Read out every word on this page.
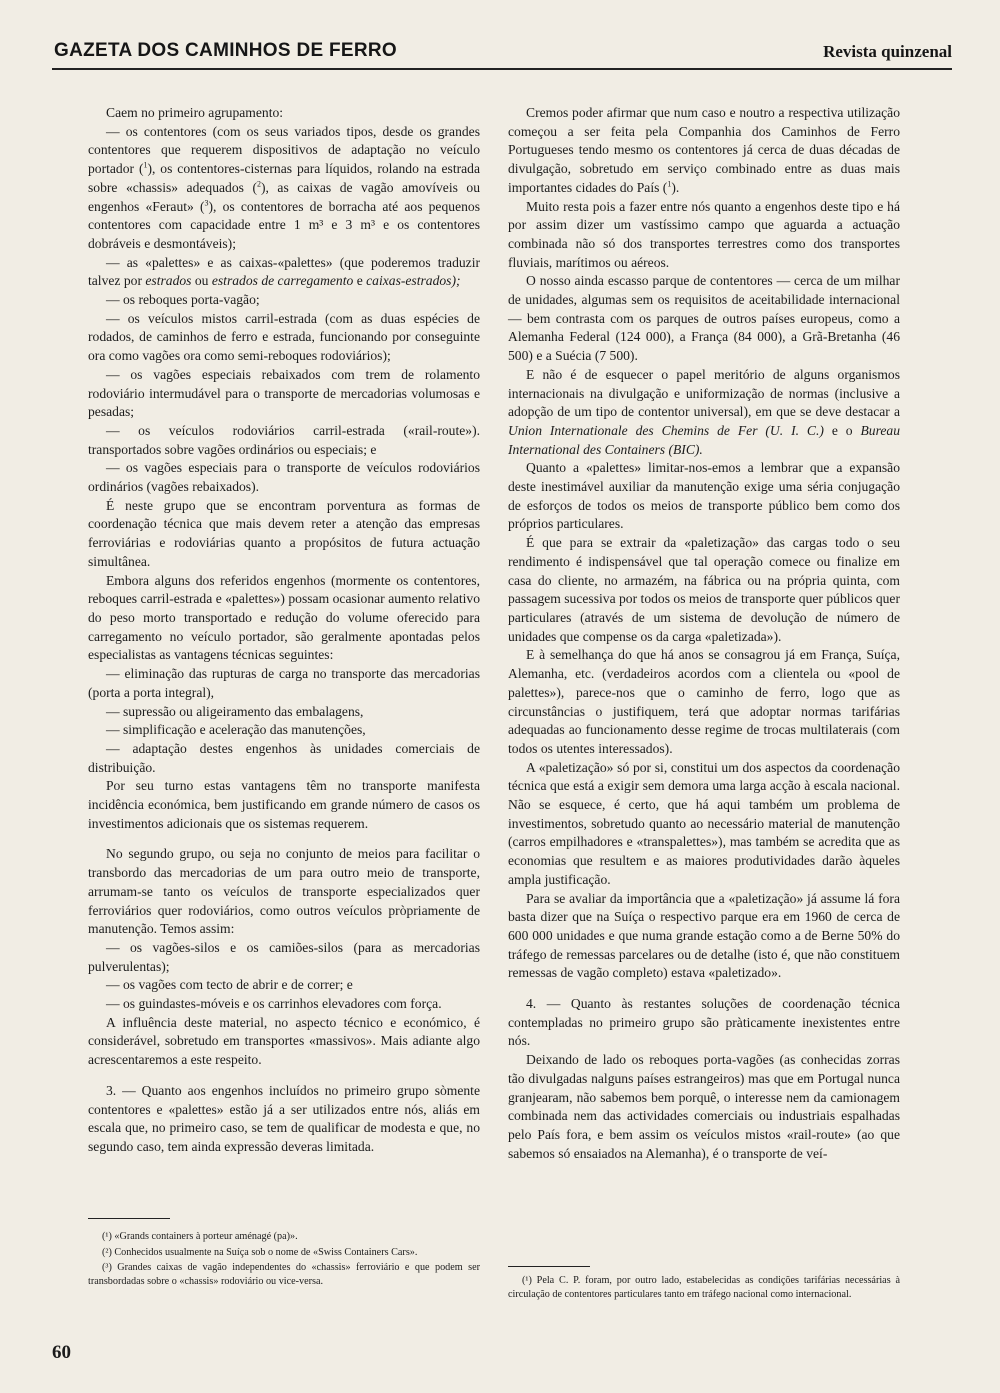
GAZETA DOS CAMINHOS DE FERRO	Revista quinzenal

Caem no primeiro agrupamento:

— os contentores (com os seus variados tipos, desde os grandes contentores que requerem dispositivos de adaptação no veículo portador ($^1$), os contentores-cisternas para líquidos, rolando na estrada sobre «chassis» adequados ($^2$), as caixas de vagão amovíveis ou engenhos «Feraut» ($^3$), os contentores de borracha até aos pequenos contentores com capacidade entre 1 m³ e 3 m³ e os contentores dobráveis e desmontáveis);

— as «palettes» e as caixas-«palettes» (que poderemos traduzir talvez por estrados ou estrados de carregamento e caixas-estrados);

— os reboques porta-vagão;

— os veículos mistos carril-estrada (com as duas espécies de rodados, de caminhos de ferro e estrada, funcionando por conseguinte ora como vagões ora como semi-reboques rodoviários);

— os vagões especiais rebaixados com trem de rolamento rodoviário intermudável para o transporte de mercadorias volumosas e pesadas;

— os veículos rodoviários carril-estrada («rail-route»). transportados sobre vagões ordinários ou especiais; e

— os vagões especiais para o transporte de veículos rodoviários ordinários (vagões rebaixados).

É neste grupo que se encontram porventura as formas de coordenação técnica que mais devem reter a atenção das empresas ferroviárias e rodoviárias quanto a propósitos de futura actuação simultânea.

Embora alguns dos referidos engenhos (mormente os contentores, reboques carril-estrada e «palettes») possam ocasionar aumento relativo do peso morto transportado e redução do volume oferecido para carregamento no veículo portador, são geralmente apontadas pelos especialistas as vantagens técnicas seguintes:

— eliminação das rupturas de carga no transporte das mercadorias (porta a porta integral),

— supressão ou aligeiramento das embalagens,

— simplificação e aceleração das manutenções,

— adaptação destes engenhos às unidades comerciais de distribuição.

Por seu turno estas vantagens têm no transporte manifesta incidência económica, bem justificando em grande número de casos os investimentos adicionais que os sistemas requerem.

No segundo grupo, ou seja no conjunto de meios para facilitar o transbordo das mercadorias de um para outro meio de transporte, arrumam-se tanto os veículos de transporte especializados quer ferroviários quer rodoviários, como outros veículos pròpriamente de manutenção. Temos assim:

— os vagões-silos e os camiões-silos (para as mercadorias pulverulentas);

— os vagões com tecto de abrir e de correr; e

— os guindastes-móveis e os carrinhos elevadores com força.

A influência deste material, no aspecto técnico e económico, é considerável, sobretudo em transportes «massivos». Mais adiante algo acrescentaremos a este respeito.

3. — Quanto aos engenhos incluídos no primeiro grupo sòmente contentores e «palettes» estão já a ser utilizados entre nós, aliás em escala que, no primeiro caso, se tem de qualificar de modesta e que, no segundo caso, tem ainda expressão deveras limitada.

(¹) «Grands containers à porteur aménagé (pa)».

(²) Conhecidos usualmente na Suíça sob o nome de «Swiss Containers Cars».

(³) Grandes caixas de vagão independentes do «chassis» ferroviário e que podem ser transbordadas sobre o «chassis» rodoviário ou vice-versa.

Cremos poder afirmar que num caso e noutro a respectiva utilização começou a ser feita pela Companhia dos Caminhos de Ferro Portugueses tendo mesmo os contentores já cerca de duas décadas de divulgação, sobretudo em serviço combinado entre as duas mais importantes cidades do País ($^1$).

Muito resta pois a fazer entre nós quanto a engenhos deste tipo e há por assim dizer um vastíssimo campo que aguarda a actuação combinada não só dos transportes terrestres como dos transportes fluviais, marítimos ou aéreos.

O nosso ainda escasso parque de contentores — cerca de um milhar de unidades, algumas sem os requisitos de aceitabilidade internacional — bem contrasta com os parques de outros países europeus, como a Alemanha Federal (124 000), a França (84 000), a Grã-Bretanha (46 500) e a Suécia (7 500).

E não é de esquecer o papel meritório de alguns organismos internacionais na divulgação e uniformização de normas (inclusive a adopção de um tipo de contentor universal), em que se deve destacar a Union Internationale des Chemins de Fer (U. I. C.) e o Bureau International des Containers (BIC).

Quanto a «palettes» limitar-nos-emos a lembrar que a expansão deste inestimável auxiliar da manutenção exige uma séria conjugação de esforços de todos os meios de transporte público bem como dos próprios particulares.

É que para se extrair da «paletização» das cargas todo o seu rendimento é indispensável que tal operação comece ou finalize em casa do cliente, no armazém, na fábrica ou na própria quinta, com passagem sucessiva por todos os meios de transporte quer públicos quer particulares (através de um sistema de devolução de número de unidades que compense os da carga «paletizada»).

E à semelhança do que há anos se consagrou já em França, Suíça, Alemanha, etc. (verdadeiros acordos com a clientela ou «pool de palettes»), parece-nos que o caminho de ferro, logo que as circunstâncias o justifiquem, terá que adoptar normas tarifárias adequadas ao funcionamento desse regime de trocas multilaterais (com todos os utentes interessados).

A «paletização» só por si, constitui um dos aspectos da coordenação técnica que está a exigir sem demora uma larga acção à escala nacional. Não se esquece, é certo, que há aqui também um problema de investimentos, sobretudo quanto ao necessário material de manutenção (carros empilhadores e «transpalettes»), mas também se acredita que as economias que resultem e as maiores produtividades darão àqueles ampla justificação.

Para se avaliar da importância que a «paletização» já assume lá fora basta dizer que na Suíça o respectivo parque era em 1960 de cerca de 600 000 unidades e que numa grande estação como a de Berne 50% do tráfego de remessas parcelares ou de detalhe (isto é, que não constituem remessas de vagão completo) estava «paletizado».

4. — Quanto às restantes soluções de coordenação técnica contempladas no primeiro grupo são pràticamente inexistentes entre nós.

Deixando de lado os reboques porta-vagões (as conhecidas zorras tão divulgadas nalguns países estrangeiros) mas que em Portugal nunca granjearam, não sabemos bem porquê, o interesse nem da camionagem combinada nem das actividades comerciais ou industriais espalhadas pelo País fora, e bem assim os veículos mistos «rail-route» (ao que sabemos só ensaiados na Alemanha), é o transporte de veí-

(¹) Pela C. P. foram, por outro lado, estabelecidas as condições tarifárias necessárias à circulação de contentores particulares tanto em tráfego nacional como internacional.

60
